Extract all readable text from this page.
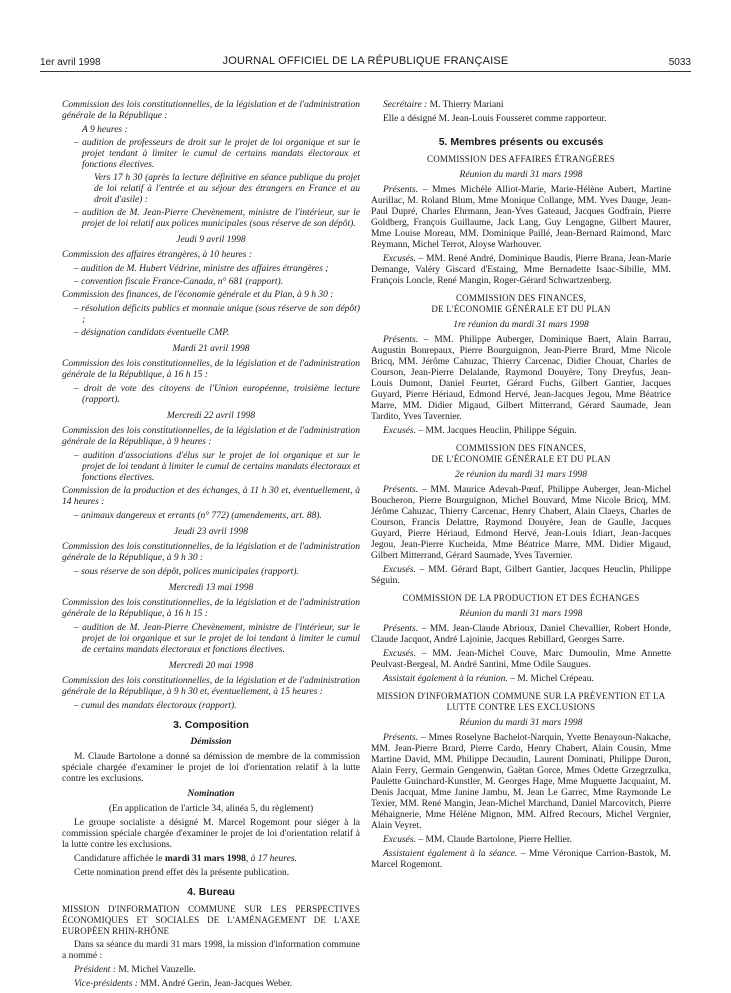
1er avril 1998	JOURNAL OFFICIEL DE LA RÉPUBLIQUE FRANÇAISE	5033

Commission des lois constitutionnelles, de la législation et de l'administration générale de la République :

A 9 heures :

– audition de professeurs de droit sur le projet de loi organique et sur le projet tendant à limiter le cumul de certains mandats électoraux et fonctions électives.

Vers 17 h 30 (après la lecture définitive en séance publique du projet de loi relatif à l'entrée et au séjour des étrangers en France et au droit d'asile) :

– audition de M. Jean-Pierre Chevènement, ministre de l'intérieur, sur le projet de loi relatif aux polices municipales (sous réserve de son dépôt).

Jeudi 9 avril 1998

Commission des affaires étrangères, à 10 heures :

– audition de M. Hubert Védrine, ministre des affaires étrangères ;

– convention fiscale France-Canada, n° 681 (rapport).

Commission des finances, de l'économie générale et du Plan, à 9 h 30 :

– résolution déficits publics et monnaie unique (sous réserve de son dépôt) ;

– désignation candidats éventuelle CMP.

Mardi 21 avril 1998

Commission des lois constitutionnelles, de la législation et de l'administration générale de la République, à 16 h 15 :

– droit de vote des citoyens de l'Union européenne, troisième lecture (rapport).

Mercredi 22 avril 1998

Commission des lois constitutionnelles, de la législation et de l'administration générale de la République, à 9 heures :

– audition d'associations d'élus sur le projet de loi organique et sur le projet de loi tendant à limiter le cumul de certains mandats électoraux et fonctions électives.

Commission de la production et des échanges, à 11 h 30 et, éventuellement, à 14 heures :

– animaux dangereux et errants (n° 772) (amendements, art. 88).

Jeudi 23 avril 1998

Commission des lois constitutionnelles, de la législation et de l'administration générale de la République, à 9 h 30 :

– sous réserve de son dépôt, polices municipales (rapport).

Mercredi 13 mai 1998

Commission des lois constitutionnelles, de la législation et de l'administration générale de la République, à 16 h 15 :

– audition de M. Jean-Pierre Chevènement, ministre de l'intérieur, sur le projet de loi organique et sur le projet de loi tendant à limiter le cumul de certains mandats électoraux et fonctions électives.

Mercredi 20 mai 1998

Commission des lois constitutionnelles, de la législation et de l'administration générale de la République, à 9 h 30 et, éventuellement, à 15 heures :

– cumul des mandats électoraux (rapport).

3. Composition

Démission

M. Claude Bartolone a donné sa démission de membre de la commission spéciale chargée d'examiner le projet de loi d'orientation relatif à la lutte contre les exclusions.

Nomination

(En application de l'article 34, alinéa 5, du règlement)

Le groupe socialiste a désigné M. Marcel Rogemont pour siéger à la commission spéciale chargée d'examiner le projet de loi d'orientation relatif à la lutte contre les exclusions.

Candidature affichée le mardi 31 mars 1998, à 17 heures.

Cette nomination prend effet dès la présente publication.

4. Bureau

MISSION D'INFORMATION COMMUNE SUR LES PERSPECTIVES ÉCONOMIQUES ET SOCIALES DE L'AMÉNAGEMENT DE L'AXE EUROPÉEN RHIN-RHÔNE

Dans sa séance du mardi 31 mars 1998, la mission d'information commune a nommé :

Président : M. Michel Vauzelle.

Vice-présidents : MM. André Gerin, Jean-Jacques Weber.

Secrétaire : M. Thierry Mariani

Elle a désigné M. Jean-Louis Fousseret comme rapporteur.

5. Membres présents ou excusés

COMMISSION DES AFFAIRES ÉTRANGÈRES

Réunion du mardi 31 mars 1998

Présents. – Mmes Michèle Alliot-Marie, Marie-Hélène Aubert, Martine Aurillac, M. Roland Blum, Mme Monique Collange, MM. Yves Dauge, Jean-Paul Dupré, Charles Ehrmann, Jean-Yves Gateaud, Jacques Godfrain, Pierre Goldberg, François Guillaume, Jack Lang, Guy Lengagne, Gilbert Maurer, Mme Louise Moreau, MM. Dominique Paillé, Jean-Bernard Raimond, Marc Reymann, Michel Terrot, Aloyse Warhouver.

Excusés. – MM. René André, Dominique Baudis, Pierre Brana, Jean-Marie Demange, Valéry Giscard d'Estaing, Mme Bernadette Isaac-Sibille, MM. François Loncle, René Mangin, Roger-Gérard Schwartzenberg.

COMMISSION DES FINANCES,

DE L'ÉCONOMIE GÉNÉRALE ET DU PLAN

1re réunion du mardi 31 mars 1998

Présents. – MM. Philippe Auberger, Dominique Baert, Alain Barrau, Augustin Bonrepaux, Pierre Bourguignon, Jean-Pierre Brard, Mme Nicole Bricq, MM. Jérôme Cahuzac, Thierry Carcenac, Didier Chouat, Charles de Courson, Jean-Pierre Delalande, Raymond Douyère, Tony Dreyfus, Jean-Louis Dumont, Daniel Feurtet, Gérard Fuchs, Gilbert Gantier, Jacques Guyard, Pierre Hériaud, Edmond Hervé, Jean-Jacques Jegou, Mme Béatrice Marre, MM. Didier Migaud, Gilbert Mitterrand, Gérard Saumade, Jean Tardito, Yves Tavernier.

Excusés. – MM. Jacques Heuclin, Philippe Séguin.

COMMISSION DES FINANCES,

DE L'ÉCONOMIE GÉNÉRALE ET DU PLAN

2e réunion du mardi 31 mars 1998

Présents. – MM. Maurice Adevah-Pœuf, Philippe Auberger, Jean-Michel Boucheron, Pierre Bourguignon, Michel Bouvard, Mme Nicole Bricq, MM. Jérôme Cahuzac, Thierry Carcenac, Henry Chabert, Alain Claeys, Charles de Courson, Francis Delattre, Raymond Douyère, Jean de Gaulle, Jacques Guyard, Pierre Hériaud, Edmond Hervé, Jean-Louis Idiart, Jean-Jacques Jegou, Jean-Pierre Kucheida, Mme Béatrice Marre, MM. Didier Migaud, Gilbert Mitterrand, Gérard Saumade, Yves Tavernier.

Excusés. – MM. Gérard Bapt, Gilbert Gantier, Jacques Heuclin, Philippe Séguin.

COMMISSION DE LA PRODUCTION ET DES ÉCHANGES

Réunion du mardi 31 mars 1998

Présents. – MM. Jean-Claude Abrioux, Daniel Chevallier, Robert Honde, Claude Jacquot, André Lajoinie, Jacques Rebillard, Georges Sarre.

Excusés. – MM. Jean-Michel Couve, Marc Dumoulin, Mme Annette Peulvast-Bergeal, M. André Santini, Mme Odile Saugues.

Assistait également à la réunion. – M. Michel Crépeau.

MISSION D'INFORMATION COMMUNE SUR LA PRÉVENTION ET LA LUTTE CONTRE LES EXCLUSIONS

Réunion du mardi 31 mars 1998

Présents. – Mmes Roselyne Bachelot-Narquin, Yvette Benayoun-Nakache, MM. Jean-Pierre Brard, Pierre Cardo, Henry Chabert, Alain Cousin, Mme Martine David, MM. Philippe Decaudin, Laurent Dominati, Philippe Duron, Alain Ferry, Germain Gengenwin, Gaëtan Gorce, Mmes Odette Grzegrzulka, Paulette Guinchard-Kunstler, M. Georges Hage, Mme Muguette Jacquaint, M. Denis Jacquat, Mme Janine Jambu, M. Jean Le Garrec, Mme Raymonde Le Texier, MM. René Mangin, Jean-Michel Marchand, Daniel Marcovitch, Pierre Méhaignerie, Mme Hélène Mignon, MM. Alfred Recours, Michel Vergnier, Alain Veyret.

Excusés. – MM. Claude Bartolone, Pierre Hellier.

Assistaient également à la séance. – Mme Véronique Carrion-Bastok, M. Marcel Rogemont.
